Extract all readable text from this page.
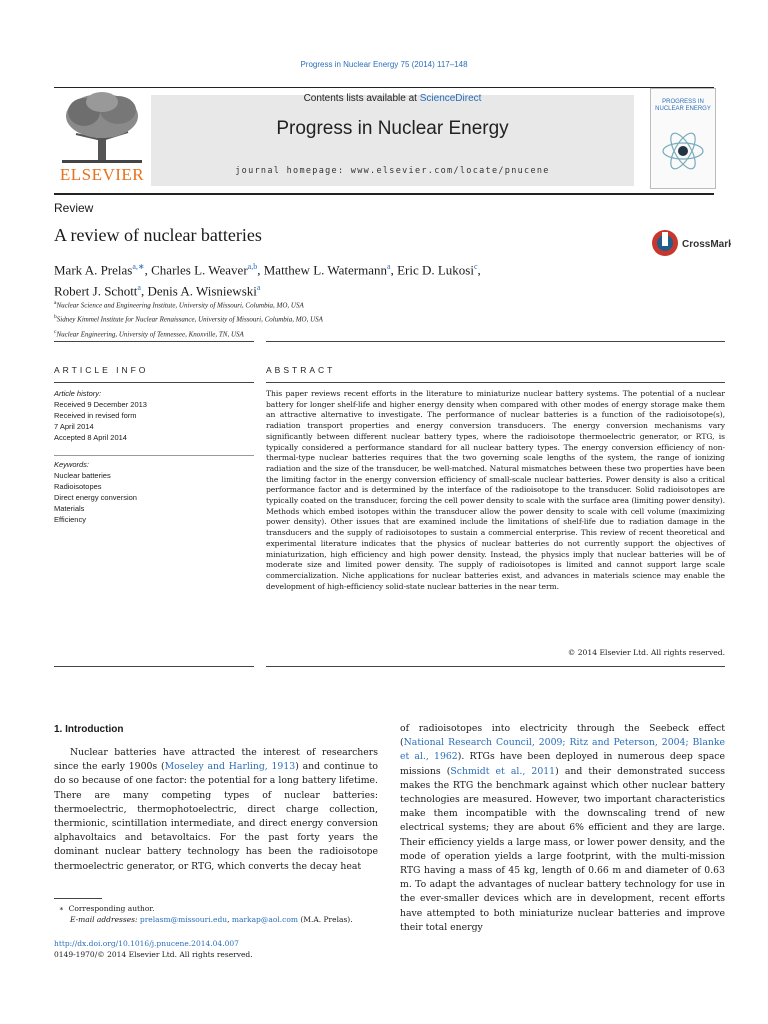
Progress in Nuclear Energy 75 (2014) 117–148
ELSEVIER
Contents lists available at ScienceDirect
Progress in Nuclear Energy
journal homepage: www.elsevier.com/locate/pnucene
PROGRESS IN
NUCLEAR ENERGY
Review
A review of nuclear batteries	CrossMark
Mark A. Prelas$^{a,∗}$, Charles L. Weaver$^{a,b}$, Matthew L. Watermann$^a$, Eric D. Lukosi$^c$,
Robert J. Schott$^a$, Denis A. Wisniewski$^a$
$^a$Nuclear Science and Engineering Institute, University of Missouri, Columbia, MO, USA
$^b$Sidney Kimmel Institute for Nuclear Renaissance, University of Missouri, Columbia, MO, USA
$^c$Nuclear Engineering, University of Tennessee, Knoxville, TN, USA
ARTICLE INFO	ABSTRACT
Article history:
Received 9 December 2013
Received in revised form
7 April 2014
Accepted 8 April 2014
Keywords:
Nuclear batteries
Radioisotopes
Direct energy conversion
Materials
Efficiency
This paper reviews recent efforts in the literature to miniaturize nuclear battery systems. The potential of a nuclear battery for longer shelf-life and higher energy density when compared with other modes of energy storage make them an attractive alternative to investigate. The performance of nuclear batteries is a function of the radioisotope(s), radiation transport properties and energy conversion transducers. The energy conversion mechanisms vary significantly between different nuclear battery types, where the radioisotope thermoelectric generator, or RTG, is typically considered a performance standard for all nuclear battery types. The energy conversion efficiency of non-thermal-type nuclear batteries requires that the two governing scale lengths of the system, the range of ionizing radiation and the size of the transducer, be well-matched. Natural mismatches between these two properties have been the limiting factor in the energy conversion efficiency of small-scale nuclear batteries. Power density is also a critical performance factor and is determined by the interface of the radioisotope to the transducer. Solid radioisotopes are typically coated on the transducer, forcing the cell power density to scale with the surface area (limiting power density). Methods which embed isotopes within the transducer allow the power density to scale with cell volume (maximizing power density). Other issues that are examined include the limitations of shelf-life due to radiation damage in the transducers and the supply of radioisotopes to sustain a commercial enterprise. This review of recent theoretical and experimental literature indicates that the physics of nuclear batteries do not currently support the objectives of miniaturization, high efficiency and high power density. Instead, the physics imply that nuclear batteries will be of moderate size and limited power density. The supply of radioisotopes is limited and cannot support large scale commercialization. Niche applications for nuclear batteries exist, and advances in materials science may enable the development of high-efficiency solid-state nuclear batteries in the near term.
© 2014 Elsevier Ltd. All rights reserved.
1. Introduction

Nuclear batteries have attracted the interest of researchers since the early 1900s (Moseley and Harling, 1913) and continue to do so because of one factor: the potential for a long battery lifetime. There are many competing types of nuclear batteries: thermoelectric, thermophotoelectric, direct charge collection, thermionic, scintillation intermediate, and direct energy conversion alphavoltaics and betavoltaics. For the past forty years the dominant nuclear battery technology has been the radioisotope thermoelectric generator, or RTG, which converts the decay heat

of radioisotopes into electricity through the Seebeck effect (National Research Council, 2009; Ritz and Peterson, 2004; Blanke et al., 1962). RTGs have been deployed in numerous deep space missions (Schmidt et al., 2011) and their demonstrated success makes the RTG the benchmark against which other nuclear battery technologies are measured. However, two important characteristics make them incompatible with the downscaling trend of new electrical systems; they are about 6% efficient and they are large. Their efficiency yields a large mass, or lower power density, and the mode of operation yields a large footprint, with the multi-mission RTG having a mass of 45 kg, length of 0.66 m and diameter of 0.63 m. To adapt the advantages of nuclear battery technology for use in the ever-smaller devices which are in development, recent efforts have attempted to both miniaturize nuclear batteries and improve their total energy

∗ Corresponding author.
E-mail addresses: prelasm@missouri.edu, markap@aol.com (M.A. Prelas).
http://dx.doi.org/10.1016/j.pnucene.2014.04.007
0149-1970/© 2014 Elsevier Ltd. All rights reserved.
